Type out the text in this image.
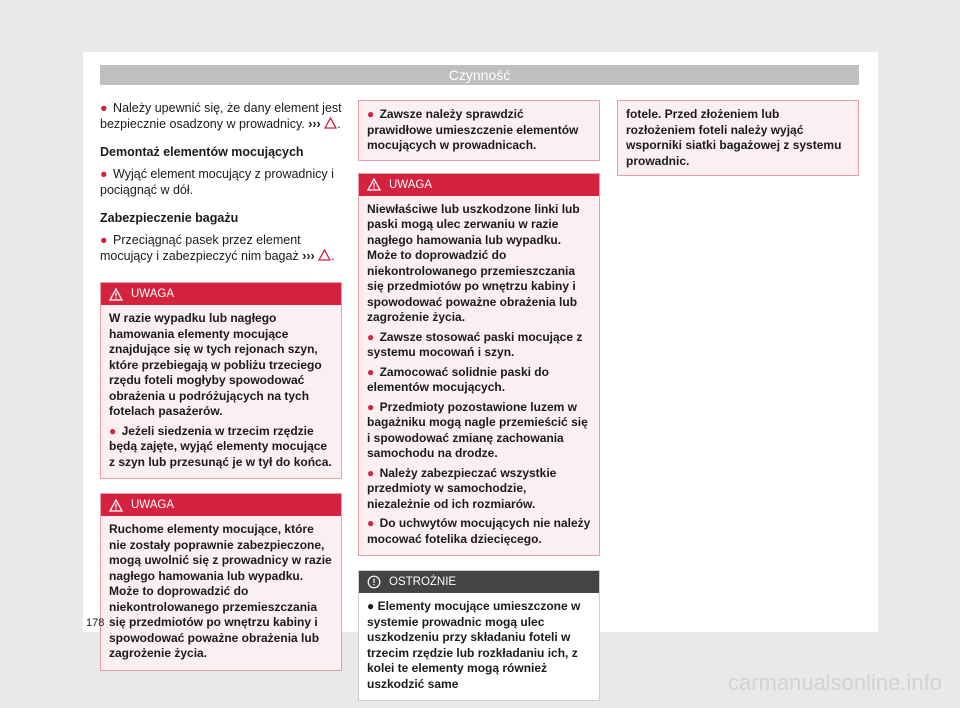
Czynność

● Należy upewnić się, że dany element jest bezpiecznie osadzony w prowadnicy. ››› .

Demontaż elementów mocujących

● Wyjąć element mocujący z prowadnicy i pociągnąć w dół.

Zabezpieczenie bagażu

● Przeciągnąć pasek przez element mocujący i zabezpieczyć nim bagaż ››› .

UWAGA

W razie wypadku lub nagłego hamowania elementy mocujące znajdujące się w tych rejonach szyn, które przebiegają w pobliżu trzeciego rzędu foteli mogłyby spowodować obrażenia u podróżujących na tych fotelach pasażerów.

● Jeżeli siedzenia w trzecim rzędzie będą zajęte, wyjąć elementy mocujące z szyn lub przesunąć je w tył do końca.

UWAGA

Ruchome elementy mocujące, które nie zostały poprawnie zabezpieczone, mogą uwolnić się z prowadnicy w razie nagłego hamowania lub wypadku. Może to doprowadzić do niekontrolowanego przemieszczania się przedmiotów po wnętrzu kabiny i spowodować poważne obrażenia lub zagrożenie życia.

● Zawsze należy sprawdzić prawidłowe umieszczenie elementów mocujących w prowadnicach.

UWAGA

Niewłaściwe lub uszkodzone linki lub paski mogą ulec zerwaniu w razie nagłego hamowania lub wypadku. Może to doprowadzić do niekontrolowanego przemieszczania się przedmiotów po wnętrzu kabiny i spowodować poważne obrażenia lub zagrożenie życia.

● Zawsze stosować paski mocujące z systemu mocowań i szyn.

● Zamocować solidnie paski do elementów mocujących.

● Przedmioty pozostawione luzem w bagażniku mogą nagle przemieścić się i spowodować zmianę zachowania samochodu na drodze.

● Należy zabezpieczać wszystkie przedmioty w samochodzie, niezależnie od ich rozmiarów.

● Do uchwytów mocujących nie należy mocować fotelika dziecięcego.

OSTROŻNIE

● Elementy mocujące umieszczone w systemie prowadnic mogą ulec uszkodzeniu przy składaniu foteli w trzecim rzędzie lub rozkładaniu ich, z kolei te elementy mogą również uszkodzić same

fotele. Przed złożeniem lub rozłożeniem foteli należy wyjąć wsporniki siatki bagażowej z systemu prowadnic.

178
carmanualsonline.info
